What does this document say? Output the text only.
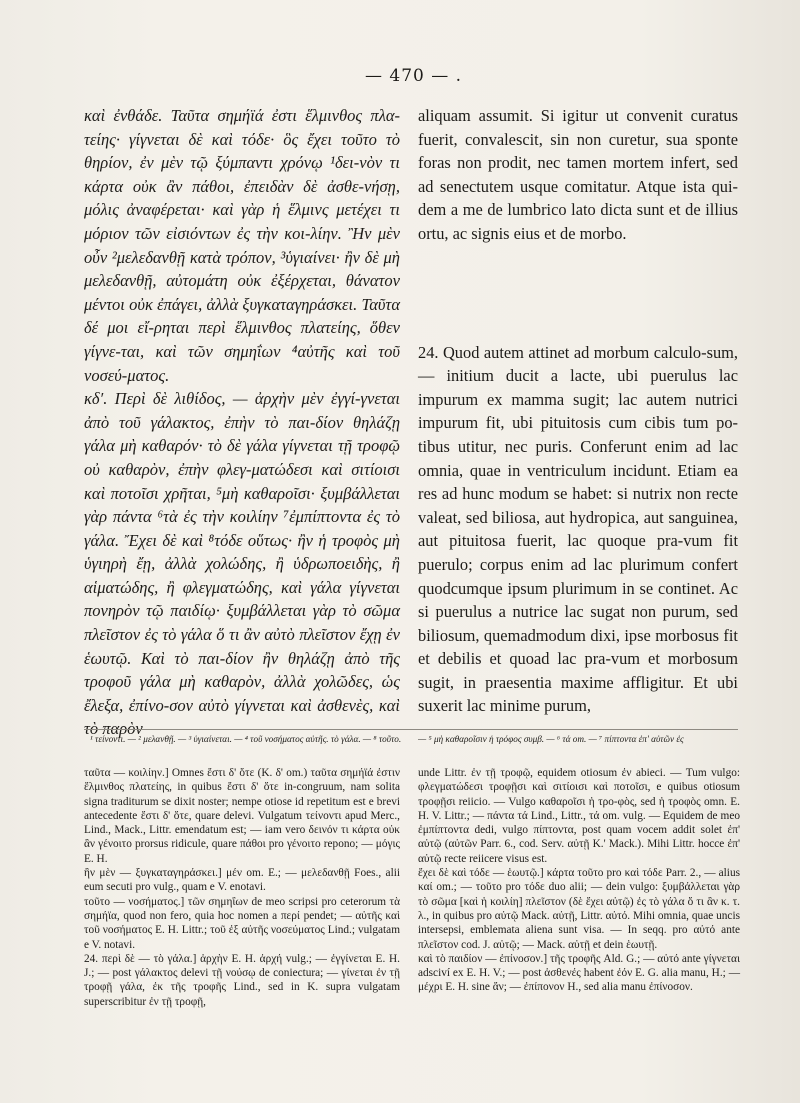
— 470 — .

καὶ ἐνθάδε. Ταῦτα σημήϊά ἐστι ἕλμινθος πλα-τείης· γίγνεται δὲ καὶ τόδε· ὃς ἔχει τοῦτο τὸ θηρίον, ἐν μὲν τῷ ξύμπαντι χρόνῳ ¹δει-νὸν τι κάρτα οὐκ ἂν πάθοι, ἐπειδὰν δὲ ἀσθε-νήσῃ, μόλις ἀναφέρεται· καὶ γὰρ ἡ ἕλμινς μετέχει τι μόριον τῶν εἰσιόντων ἐς τὴν κοι-λίην. Ἢν μὲν οὖν ²μελεδανθῇ κατὰ τρόπον, ³ὑγιαίνει· ἢν δὲ μὴ μελεδανθῇ, αὐτομάτη οὐκ ἐξέρχεται, θάνατον μέντοι οὐκ ἐπάγει, ἀλλὰ ξυγκαταγηράσκει. Ταῦτα δέ μοι εἴ-ρηται περὶ ἕλμινθος πλατείης, ὅθεν γίγνε-ται, καὶ τῶν σημηΐων ⁴αὐτῆς καὶ τοῦ νοσεύ-ματος.

κδ′. Περὶ δὲ λιθίδος, — ἀρχὴν μὲν ἐγγί-γνεται ἀπὸ τοῦ γάλακτος, ἐπὴν τὸ παι-δίον θηλάζῃ γάλα μὴ καθαρόν· τὸ δὲ γάλα γίγνεται τῇ τροφῷ οὐ καθαρὸν, ἐπὴν φλεγ-ματώδεσι καὶ σιτίοισι καὶ ποτοῖσι χρῆται, ⁵μὴ καθαροῖσι· ξυμβάλλεται γὰρ πάντα ⁶τὰ ἐς τὴν κοιλίην ⁷ἐμπίπτοντα ἐς τὸ γάλα. Ἔχει δὲ καὶ ⁸τόδε οὕτως· ἢν ἡ τροφὸς μὴ ὑγιηρὴ ἔῃ, ἀλλὰ χολώδης, ἢ ὑδρωποειδὴς, ἢ αἱματώδης, ἢ φλεγματώδης, καὶ γάλα γίγνεται πονηρὸν τῷ παιδίῳ· ξυμβάλλεται γὰρ τὸ σῶμα πλεῖστον ἐς τὸ γάλα ὅ τι ἂν αὐτὸ πλεῖστον ἔχῃ ἐν ἑωυτῷ. Καὶ τὸ παι-δίον ἢν θηλάζῃ ἀπὸ τῆς τροφοῦ γάλα μὴ καθαρὸν, ἀλλὰ χολῶδες, ὡς ἔλεξα, ἐπίνο-σον αὐτὸ γίγνεται καὶ ἀσθενὲς, καὶ τὸ παρὸν

aliquam assumit. Si igitur ut convenit curatus fuerit, convalescit, sin non curetur, sua sponte foras non prodit, nec tamen mortem infert, sed ad senectutem usque comitatur. Atque ista qui-dem a me de lumbrico lato dicta sunt et de illius ortu, ac signis eius et de morbo.

24. Quod autem attinet ad morbum calculo-sum, — initium ducit a lacte, ubi puerulus lac impurum ex mamma sugit; lac autem nutrici impurum fit, ubi pituitosis cum cibis tum po-tibus utitur, nec puris. Conferunt enim ad lac omnia, quae in ventriculum incidunt. Etiam ea res ad hunc modum se habet: si nutrix non recte valeat, sed biliosa, aut hydropica, aut sanguinea, aut pituitosa fuerit, lac quoque pra-vum fit puerulo; corpus enim ad lac plurimum confert quodcumque ipsum plurimum in se continet. Ac si puerulus a nutrice lac sugat non purum, sed biliosum, quemadmodum dixi, ipse morbosus fit et debilis et quoad lac pra-vum et morbosum sugit, in praesentia maxime affligitur. Et ubi suxerit lac minime purum,

¹ τείνοντι. — ² μελανθῇ. — ³ ὑγιαίνεται. — ⁴ τοῦ νοσήματος αὐτῆς. τὸ γάλα. — ⁸ τοῦτο.	— ⁵ μὴ καθαροῖσιν ἡ τρόφος συμβ. — ⁶ τά om. — ⁷ πίπτοντα ἐπ' αὐτῶν ἐς

ταῦτα — κοιλίην.] Omnes ἔστι δ' ὅτε (K. δ' om.) ταῦτα σημήϊά ἐστιν ἕλμινθος πλατείης, in quibus ἔστι δ' ὅτε in-congruum, nam solita signa traditurum se dixit noster; nempe otiose id repetitum est e brevi antecedente ἔστι δ' ὅτε, quare delevi. Vulgatum τείνοντι apud Merc., Lind., Mack., Littr. emendatum est; — iam vero δεινόν τι κάρτα οὐκ ἂν γένοιτο prorsus ridicule, quare πάθοι pro γένοιτο repono; — μόγις E. H.

ἢν μὲν — ξυγκαταγηράσκει.] μέν om. E.; — μελεδανθῇ Foes., alii eum secuti pro vulg., quam e V. enotavi.

τοῦτο — νοσήματος.] τῶν σημηΐων de meo scripsi pro ceterorum τὰ σημήϊα, quod non fero, quia hoc nomen a περί pendet; — αὐτῆς καὶ τοῦ νοσήματος E. H. Littr.; τοῦ ἐξ αὐτῆς νοσεύματος Lind.; vulgatam e V. notavi.

24. περὶ δὲ — τὸ γάλα.] ἀρχὴν E. H. ἀρχή vulg.; — ἐγγίνεται E. H. J.; — post γάλακτος delevi τῇ νούσῳ de coniectura; — γίνεται ἐν τῇ τροφῇ γάλα, ἐκ τῆς τροφῆς Lind., sed in K. supra vulgatam superscribitur ἐν τῇ τροφῇ,

unde Littr. ἐν τῇ τροφῷ, equidem otiosum ἐν abieci. — Tum vulgo: φλεγματώδεσι τροφῇσι καὶ σιτίοισι καὶ ποτοῖσι, e quibus otiosum τροφῇσι reiicio. — Vulgo καθαροῖσι ἡ τρο-φὸς, sed ἡ τροφὸς omn. E. H. V. Littr.; — πάντα τά Lind., Littr., τά om. vulg. — Equidem de meo ἐμπίπτοντα dedi, vulgo πίπτοντα, post quam vocem addit solet ἐπ' αὐτῷ (αὐτῶν Parr. 6., cod. Serv. αὐτῇ K.' Mack.). Mihi Littr. hocce ἐπ' αὐτῷ recte reiicere visus est.

ἔχει δὲ καὶ τόδε — ἑωυτῷ.] κάρτα τοῦτο pro καὶ τόδε Parr. 2., — alius καί om.; — τοῦτο pro τόδε duo alii; — dein vulgo: ξυμβάλλεται γὰρ τὸ σῶμα [καὶ ἡ κοιλίη] πλεῖστον (δὲ ἔχει αὐτῷ) ἐς τὸ γάλα ὅ τι ἂν κ. τ. λ., in quibus pro αὐτῷ Mack. αὐτῇ, Littr. αὐτό. Mihi omnia, quae uncis intersepsi, emblemata aliena sunt visa. — In seqq. pro αὐτό ante πλεῖστον cod. J. αὐτῷ; — Mack. αὐτῇ et dein ἑωυτῇ.

καὶ τὸ παιδίον — ἐπίνοσον.] τῆς τροφῆς Ald. G.; — αὐτό ante γίγνεται adsciví ex E. H. V.; — post ἀσθενές habent ἐόν E. G. alia manu, H.; — μέχρι E. H. sine ἄν; — ἐπίπονον H., sed alia manu ἐπίνοσον.
